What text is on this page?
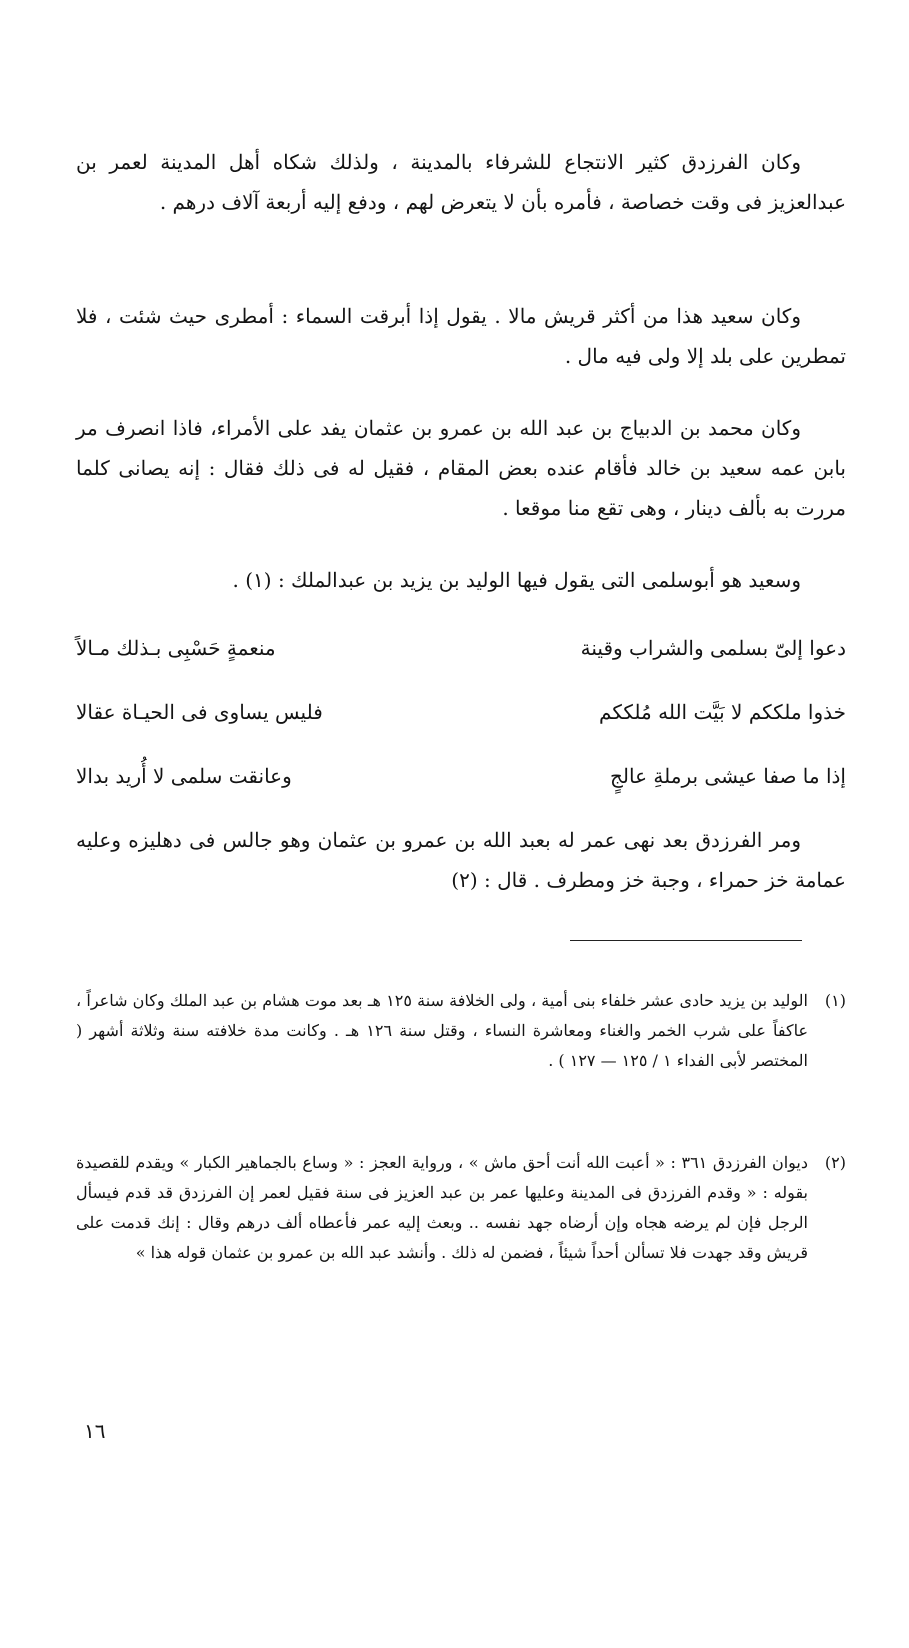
وكان الفرزدق كثير الانتجاع للشرفاء بالمدينة ، ولذلك شكاه أهل المدينة لعمر بن عبدالعزيز فى وقت خصاصة ، فأمره بأن لا يتعرض لهم ، ودفع إليه أربعة آلاف درهم .

وكان سعيد هذا من أكثر قريش مالا . يقول إذا أبرقت السماء : أمطرى حيث شئت ، فلا تمطرين على بلد إلا ولى فيه مال .

وكان محمد بن الدبياج بن عبد الله بن عمرو بن عثمان يفد على الأمراء، فاذا انصرف مر بابن عمه سعيد بن خالد فأقام عنده بعض المقام ، فقيل له فى ذلك فقال : إنه يصانى كلما مررت به بألف دينار ، وهى تقع منا موقعا .

وسعيد هو أبوسلمى التى يقول فيها الوليد بن يزيد بن عبدالملك : (١) .

دعوا إلىّ بسلمى والشراب وقينة
منعمةٍ حَسْبِى بـذلك مـالاً
خذوا ملككم لا بَيَّت الله مُلككم
فليس يساوى فى الحيـاة عقالا
إذا ما صفا عيشى برملةِ عالجٍ
وعانقت سلمى لا أُريد بدالا

ومر الفرزدق بعد نهى عمر له بعبد الله بن عمرو بن عثمان وهو جالس فى دهليزه وعليه عمامة خز حمراء ، وجبة خز ومطرف . قال : (٢)

(١)
الوليد بن يزيد حادى عشر خلفاء بنى أمية ، ولى الخلافة سنة ١٢٥ هـ بعد موت هشام بن عبد الملك وكان شاعراً ، عاكفاً على شرب الخمر والغناء ومعاشرة النساء ، وقتل سنة ١٢٦ هـ . وكانت مدة خلافته سنة وثلاثة أشهر ( المختصر لأبى الفداء ١ / ١٢٥ — ١٢٧ ) .
(٢)
ديوان الفرزدق ٣٦١ : « أعبت الله أنت أحق ماش » ، ورواية العجز : « وساع بالجماهير الكبار » ويقدم للقصيدة بقوله : « وقدم الفرزدق فى المدينة وعليها عمر بن عبد العزيز فى سنة فقيل لعمر إن الفرزدق قد قدم فيسأل الرجل فإن لم يرضه هجاه وإن أرضاه جهد نفسه .. وبعث إليه عمر فأعطاه ألف درهم وقال : إنك قدمت على قريش وقد جهدت فلا تسألن أحداً شيئاً ، فضمن له ذلك . وأنشد عبد الله بن عمرو بن عثمان قوله هذا »
١٦
